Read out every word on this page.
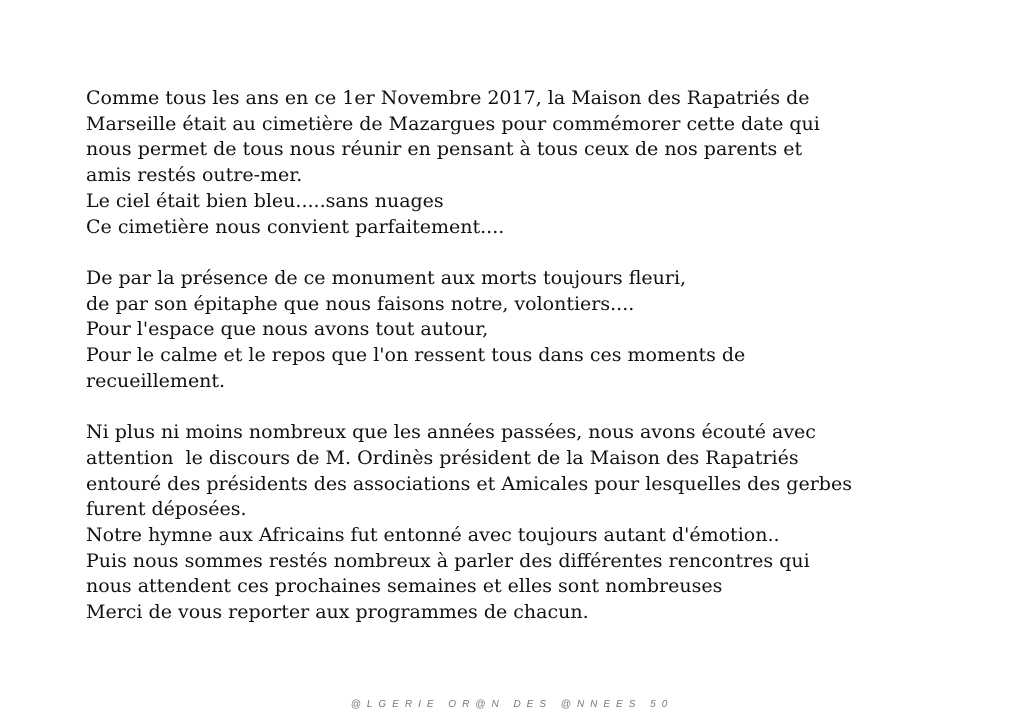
Comme tous les ans en ce 1er Novembre 2017, la Maison des Rapatriés de
Marseille était au cimetière de Mazargues pour commémorer cette date qui
nous permet de tous nous réunir en pensant à tous ceux de nos parents et
amis restés outre-mer.
Le ciel était bien bleu.....sans nuages
Ce cimetière nous convient parfaitement....

De par la présence de ce monument aux morts toujours fleuri,
de par son épitaphe que nous faisons notre, volontiers....
Pour l'espace que nous avons tout autour,
Pour le calme et le repos que l'on ressent tous dans ces moments de
recueillement.

Ni plus ni moins nombreux que les années passées, nous avons écouté avec
attention  le discours de M. Ordinès président de la Maison des Rapatriés
entouré des présidents des associations et Amicales pour lesquelles des gerbes
furent déposées.
Notre hymne aux Africains fut entonné avec toujours autant d'émotion..
Puis nous sommes restés nombreux à parler des différentes rencontres qui
nous attendent ces prochaines semaines et elles sont nombreuses
Merci de vous reporter aux programmes de chacun.

@LGERIE OR@N DES @NNEES 50
